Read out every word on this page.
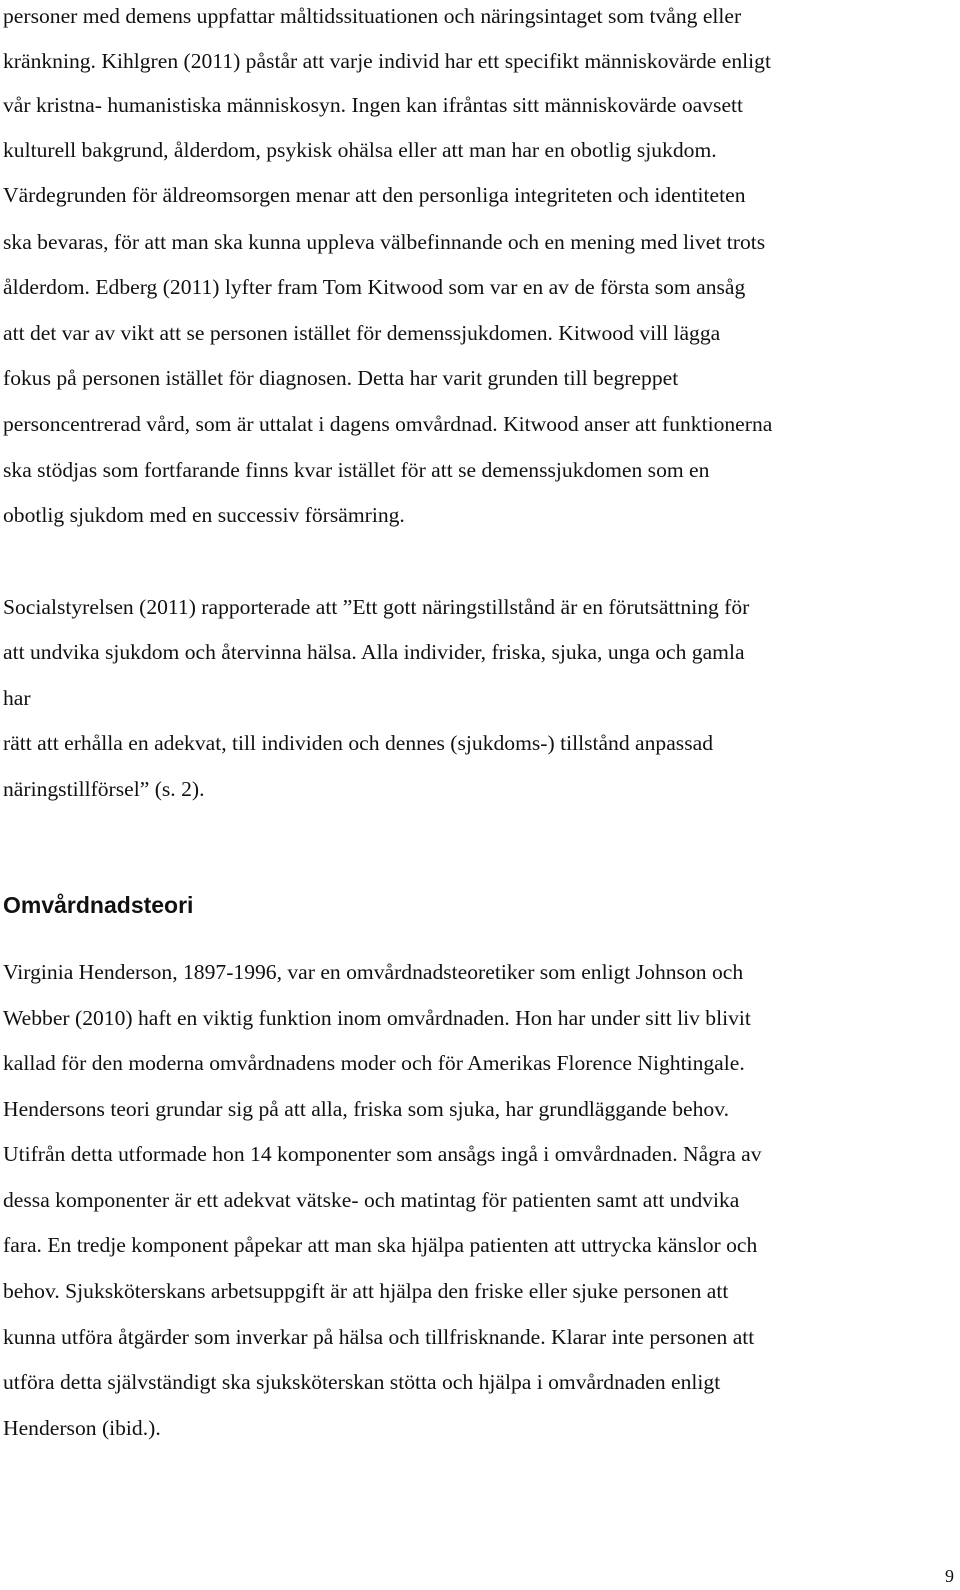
personer med demens uppfattar måltidssituationen och näringsintaget som tvång eller

kränkning. Kihlgren (2011) påstår att varje individ har ett specifikt människovärde enligt

vår kristna- humanistiska människosyn. Ingen kan ifråntas sitt människovärde oavsett

kulturell bakgrund, ålderdom, psykisk ohälsa eller att man har en obotlig sjukdom.

Värdegrunden för äldreomsorgen menar att den personliga integriteten och identiteten

ska bevaras, för att man ska kunna uppleva välbefinnande och en mening med livet trots

ålderdom. Edberg (2011) lyfter fram Tom Kitwood som var en av de första som ansåg

att det var av vikt att se personen istället för demenssjukdomen. Kitwood vill lägga

fokus på personen istället för diagnosen. Detta har varit grunden till begreppet

personcentrerad vård, som är uttalat i dagens omvårdnad. Kitwood anser att funktionerna

ska stödjas som fortfarande finns kvar istället för att se demenssjukdomen som en

obotlig sjukdom med en successiv försämring.

Socialstyrelsen (2011) rapporterade att ”Ett gott näringstillstånd är en förutsättning för

att undvika sjukdom och återvinna hälsa. Alla individer, friska, sjuka, unga och gamla

har

rätt att erhålla en adekvat, till individen och dennes (sjukdoms-) tillstånd anpassad

näringstillförsel” (s. 2).

Omvårdnadsteori

Virginia Henderson, 1897-1996, var en omvårdnadsteoretiker som enligt Johnson och

Webber (2010) haft en viktig funktion inom omvårdnaden. Hon har under sitt liv blivit

kallad för den moderna omvårdnadens moder och för Amerikas Florence Nightingale.

Hendersons teori grundar sig på att alla, friska som sjuka, har grundläggande behov.

Utifrån detta utformade hon 14 komponenter som ansågs ingå i omvårdnaden. Några av

dessa komponenter är ett adekvat vätske- och matintag för patienten samt att undvika

fara. En tredje komponent påpekar att man ska hjälpa patienten att uttrycka känslor och

behov. Sjuksköterskans arbetsuppgift är att hjälpa den friske eller sjuke personen att

kunna utföra åtgärder som inverkar på hälsa och tillfrisknande. Klarar inte personen att

utföra detta självständigt ska sjuksköterskan stötta och hjälpa i omvårdnaden enligt

Henderson (ibid.).

9
